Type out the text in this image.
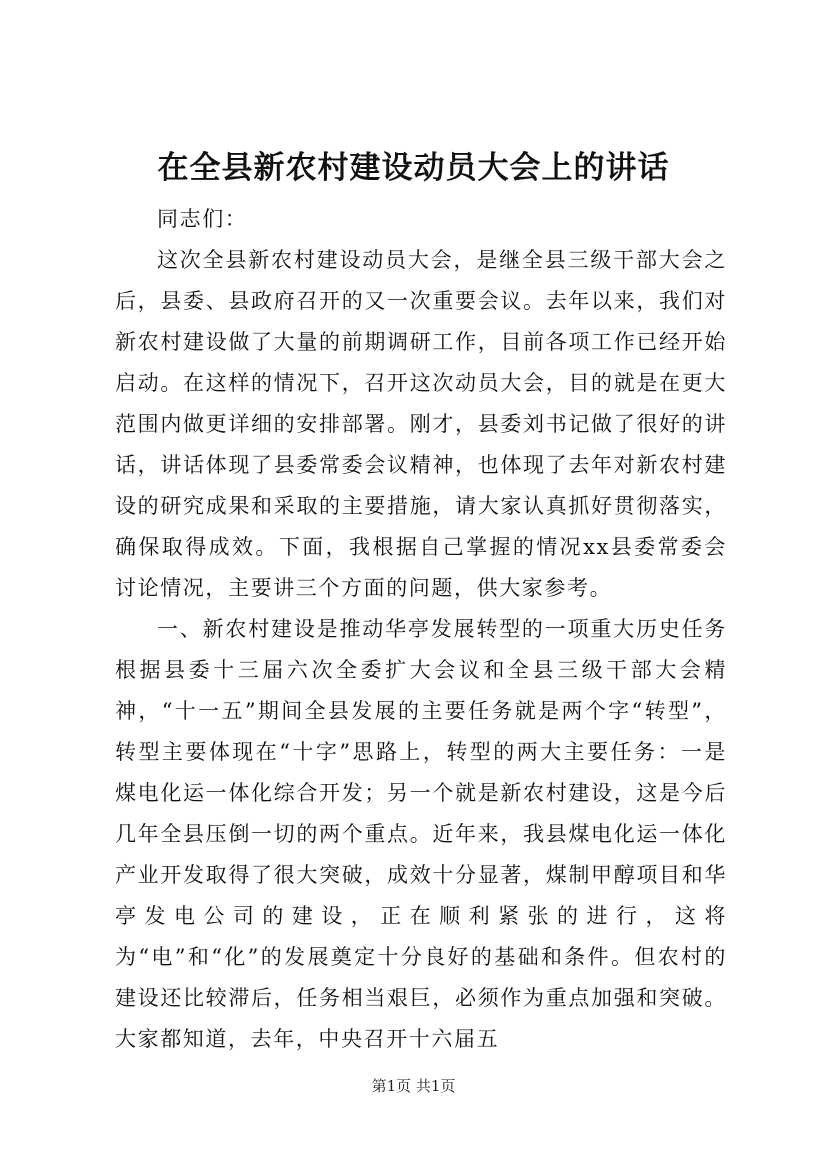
在全县新农村建设动员大会上的讲话

同志们：

这次全县新农村建设动员大会，是继全县三级干部大会之后，县委、县政府召开的又一次重要会议。去年以来，我们对新农村建设做了大量的前期调研工作，目前各项工作已经开始启动。在这样的情况下，召开这次动员大会，目的就是在更大范围内做更详细的安排部署。刚才，县委刘书记做了很好的讲话，讲话体现了县委常委会议精神，也体现了去年对新农村建设的研究成果和采取的主要措施，请大家认真抓好贯彻落实，确保取得成效。下面，我根据自己掌握的情况xx县委常委会讨论情况，主要讲三个方面的问题，供大家参考。

一、新农村建设是推动华亭发展转型的一项重大历史任务根据县委十三届六次全委扩大会议和全县三级干部大会精神，“十一五”期间全县发展的主要任务就是两个字“转型”，转型主要体现在“十字”思路上，转型的两大主要任务：一是煤电化运一体化综合开发；另一个就是新农村建设，这是今后几年全县压倒一切的两个重点。近年来，我县煤电化运一体化产业开发取得了很大突破，成效十分显著，煤制甲醇项目和华亭发电公司的建设，正在顺利紧张的进行，这将为“电”和“化”的发展奠定十分良好的基础和条件。但农村的建设还比较滞后，任务相当艰巨，必须作为重点加强和突破。大家都知道，去年，中央召开十六届五

第1页 共1页
